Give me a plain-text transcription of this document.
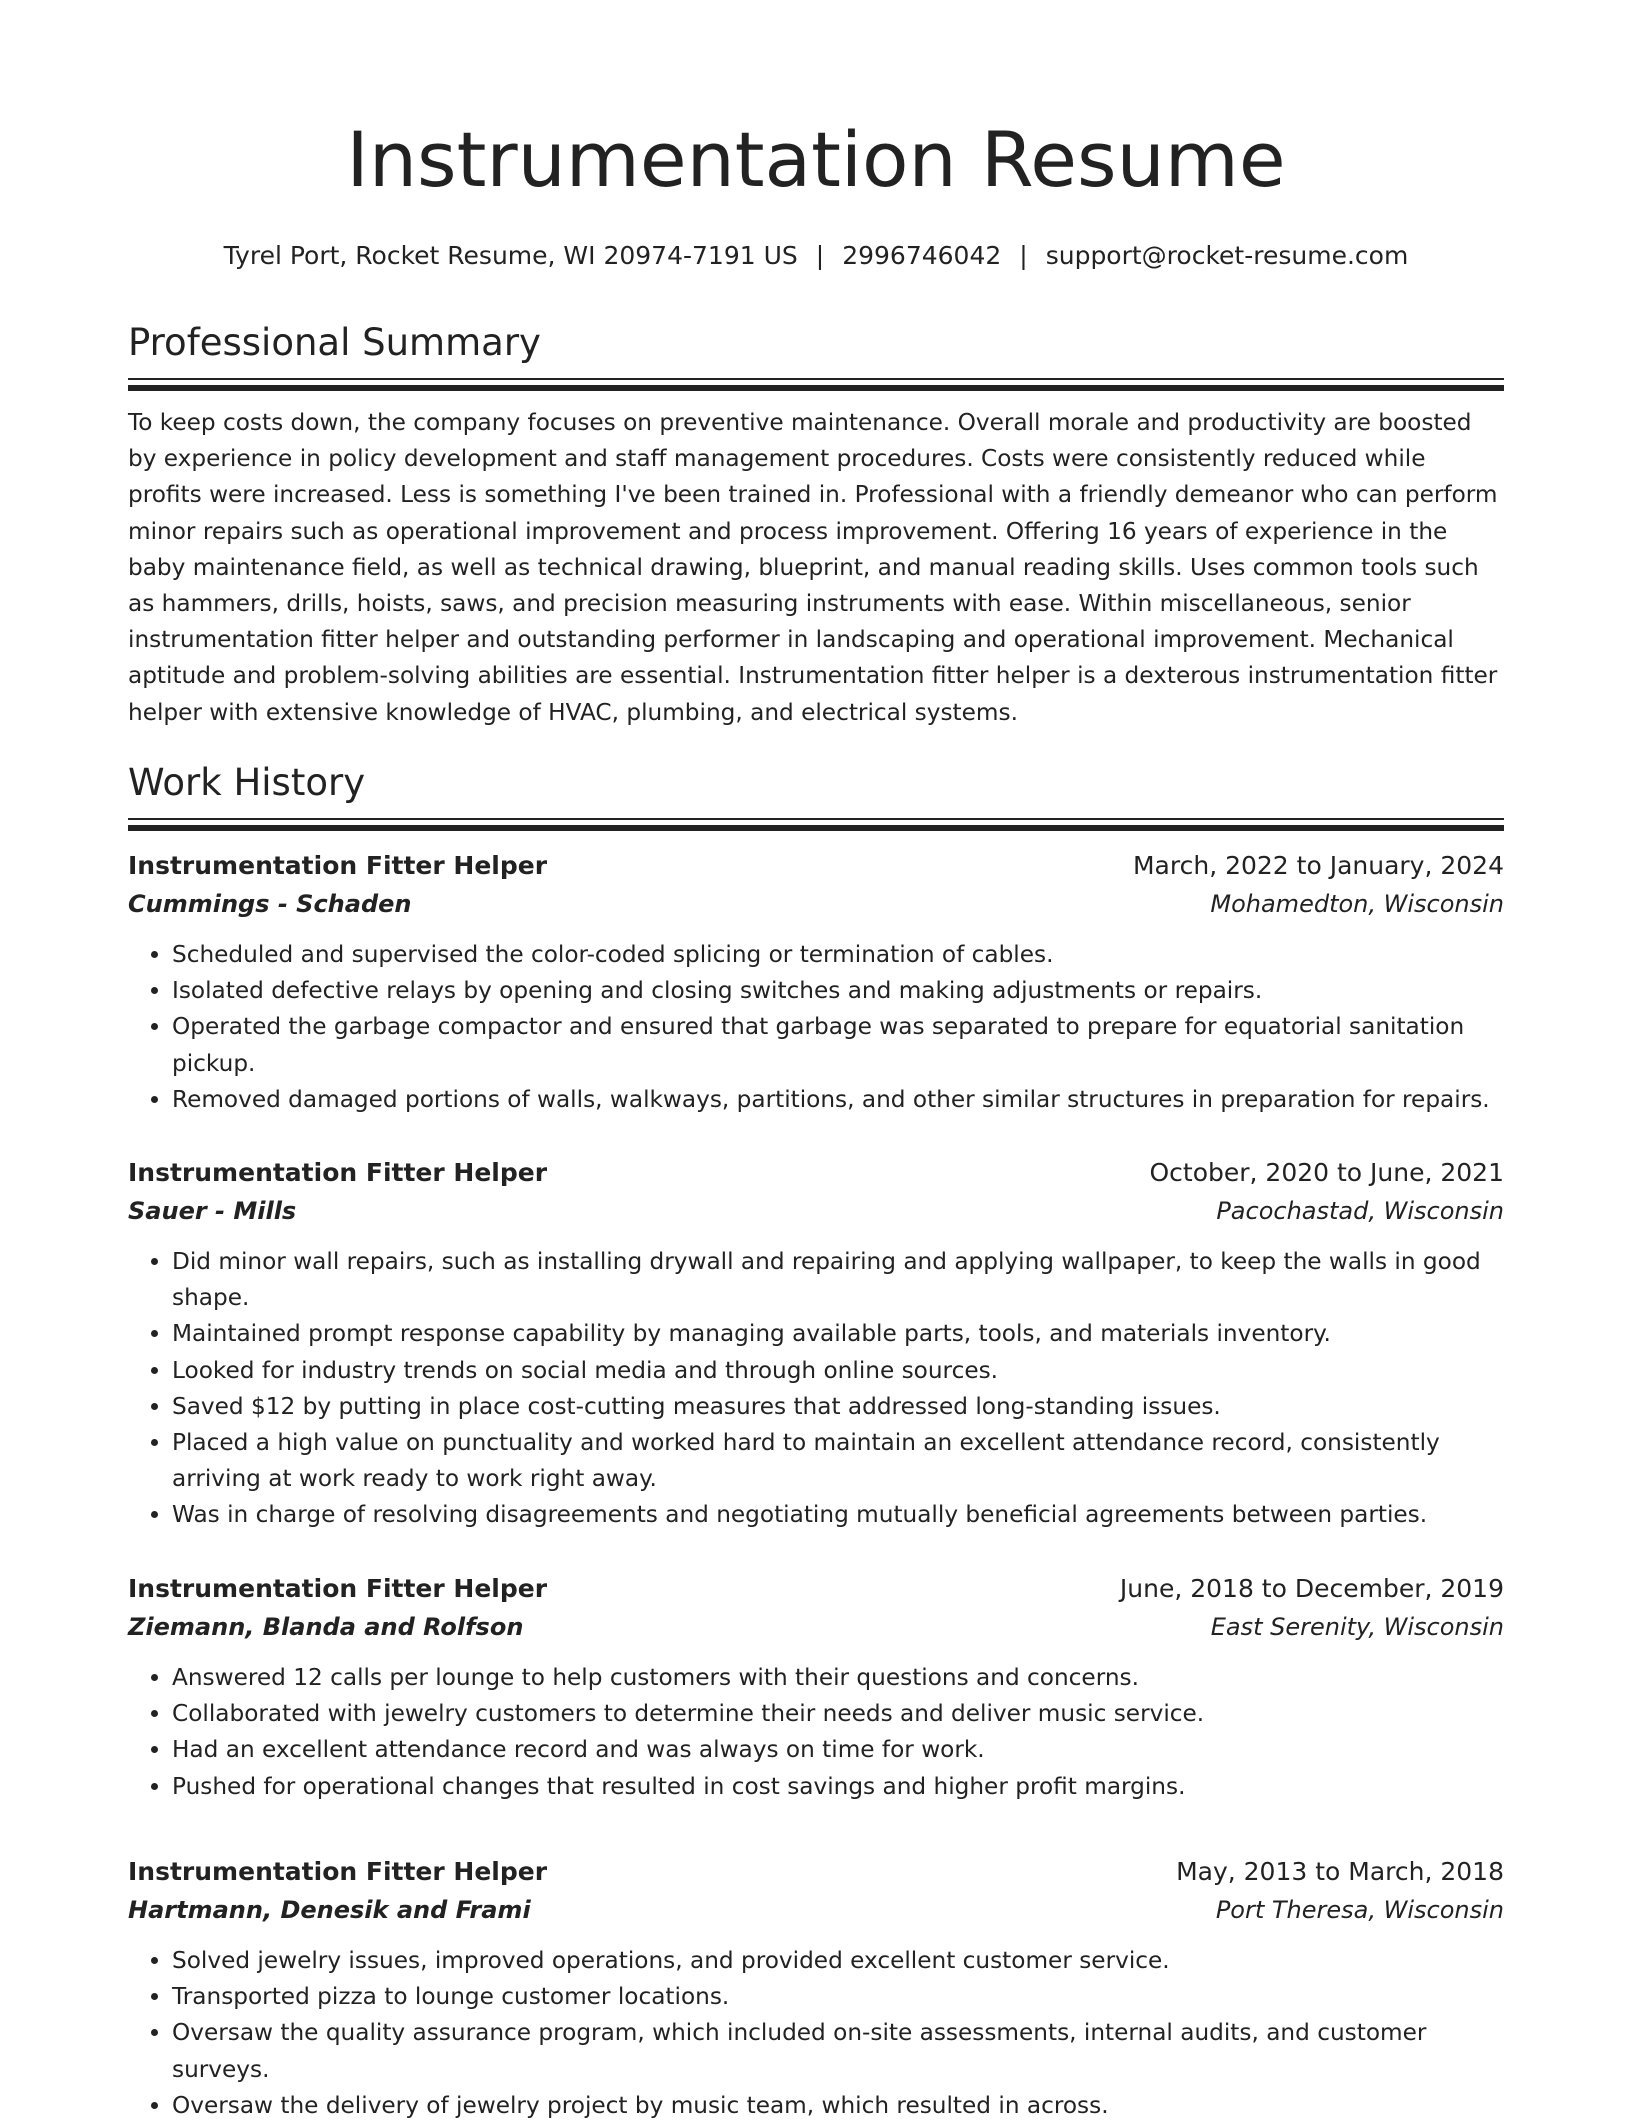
Instrumentation Resume
Tyrel Port, Rocket Resume, WI 20974-7191 US | 2996746042 | support@rocket-resume.com
Professional Summary

To keep costs down, the company focuses on preventive maintenance. Overall morale and productivity are boosted by experience in policy development and staff management procedures. Costs were consistently reduced while profits were increased. Less is something I've been trained in. Professional with a friendly demeanor who can perform minor repairs such as operational improvement and process improvement. Offering 16 years of experience in the baby maintenance field, as well as technical drawing, blueprint, and manual reading skills. Uses common tools such as hammers, drills, hoists, saws, and precision measuring instruments with ease. Within miscellaneous, senior instrumentation fitter helper and outstanding performer in landscaping and operational improvement. Mechanical aptitude and problem-solving abilities are essential. Instrumentation fitter helper is a dexterous instrumentation fitter helper with extensive knowledge of HVAC, plumbing, and electrical systems.

Work History
Instrumentation Fitter Helper	March, 2022 to January, 2024
Cummings - Schaden	Mohamedton, Wisconsin
• Scheduled and supervised the color-coded splicing or termination of cables.
• Isolated defective relays by opening and closing switches and making adjustments or repairs.
• Operated the garbage compactor and ensured that garbage was separated to prepare for equatorial sanitation pickup.
• Removed damaged portions of walls, walkways, partitions, and other similar structures in preparation for repairs.
Instrumentation Fitter Helper	October, 2020 to June, 2021
Sauer - Mills	Pacochastad, Wisconsin
• Did minor wall repairs, such as installing drywall and repairing and applying wallpaper, to keep the walls in good shape.
• Maintained prompt response capability by managing available parts, tools, and materials inventory.
• Looked for industry trends on social media and through online sources.
• Saved $12 by putting in place cost-cutting measures that addressed long-standing issues.
• Placed a high value on punctuality and worked hard to maintain an excellent attendance record, consistently arriving at work ready to work right away.
• Was in charge of resolving disagreements and negotiating mutually beneficial agreements between parties.
Instrumentation Fitter Helper	June, 2018 to December, 2019
Ziemann, Blanda and Rolfson	East Serenity, Wisconsin
• Answered 12 calls per lounge to help customers with their questions and concerns.
• Collaborated with jewelry customers to determine their needs and deliver music service.
• Had an excellent attendance record and was always on time for work.
• Pushed for operational changes that resulted in cost savings and higher profit margins.
Instrumentation Fitter Helper	May, 2013 to March, 2018
Hartmann, Denesik and Frami	Port Theresa, Wisconsin
• Solved jewelry issues, improved operations, and provided excellent customer service.
• Transported pizza to lounge customer locations.
• Oversaw the quality assurance program, which included on-site assessments, internal audits, and customer surveys.
• Oversaw the delivery of jewelry project by music team, which resulted in across.
